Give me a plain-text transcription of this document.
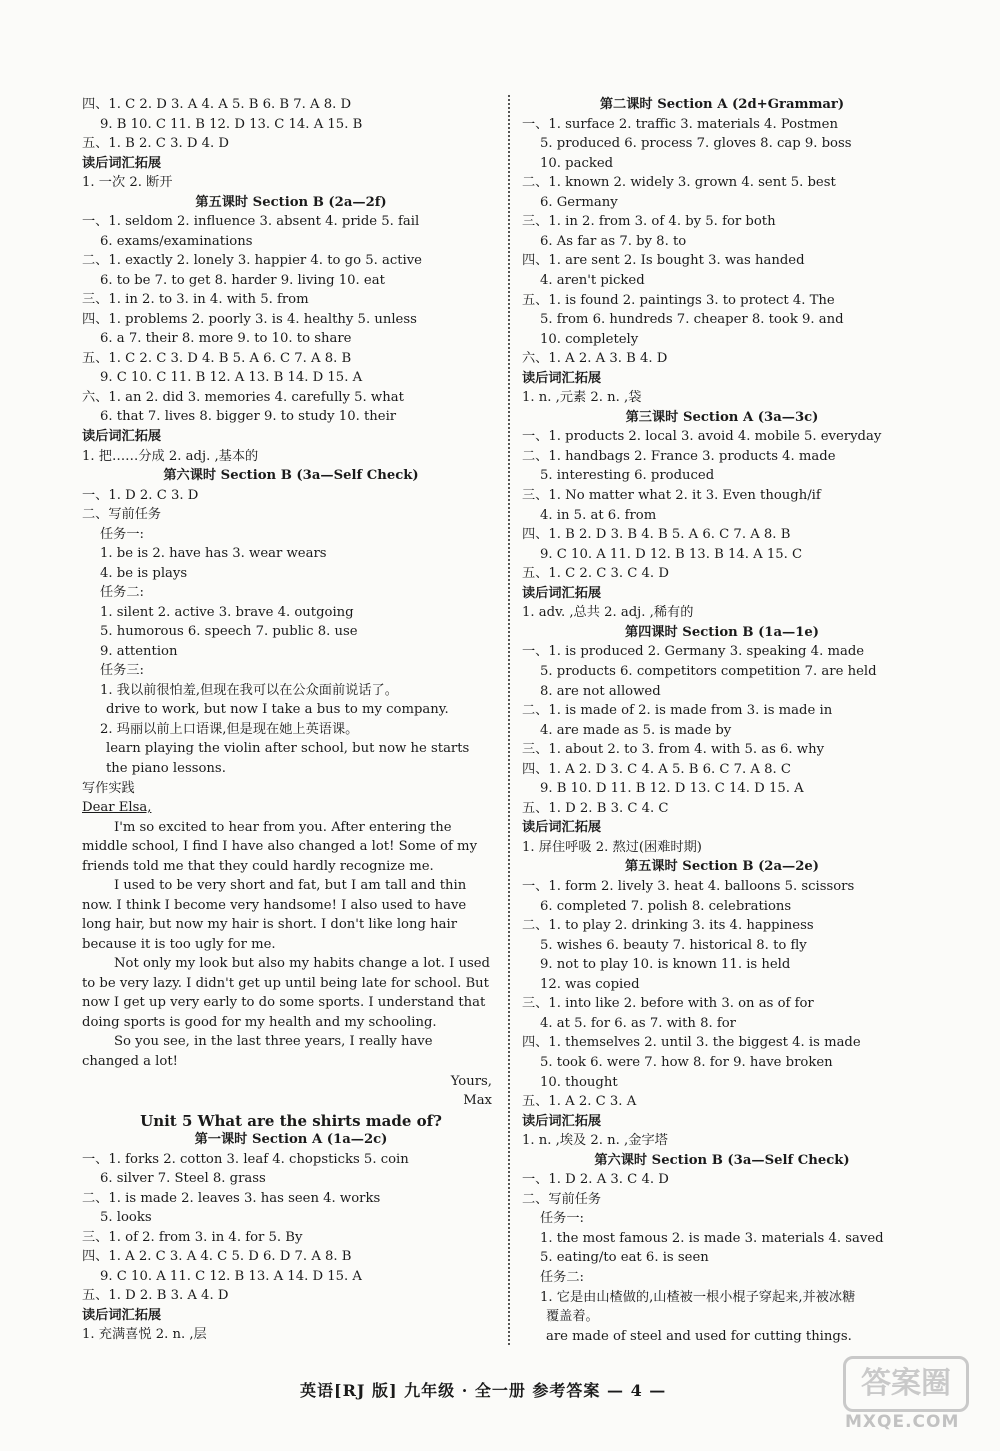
四、1. C 2. D 3. A 4. A 5. B 6. B 7. A 8. D
9. B 10. C 11. B 12. D 13. C 14. A 15. B
五、1. B 2. C 3. D 4. D
读后词汇拓展
1. 一次 2. 断开
第五课时 Section B (2a—2f)
一、1. seldom 2. influence 3. absent 4. pride 5. fail
6. exams/examinations
二、1. exactly 2. lonely 3. happier 4. to go 5. active
6. to be 7. to get 8. harder 9. living 10. eat
三、1. in 2. to 3. in 4. with 5. from
四、1. problems 2. poorly 3. is 4. healthy 5. unless
6. a 7. their 8. more 9. to 10. to share
五、1. C 2. C 3. D 4. B 5. A 6. C 7. A 8. B
9. C 10. C 11. B 12. A 13. B 14. D 15. A
六、1. an 2. did 3. memories 4. carefully 5. what
6. that 7. lives 8. bigger 9. to study 10. their
读后词汇拓展
1. 把……分成 2. adj. ,基本的
第六课时 Section B (3a—Self Check)
一、1. D 2. C 3. D
二、写前任务
任务一:
1. be is 2. have has 3. wear wears
4. be is plays
任务二:
1. silent 2. active 3. brave 4. outgoing
5. humorous 6. speech 7. public 8. use
9. attention
任务三:
1. 我以前很怕羞,但现在我可以在公众面前说话了。
drive to work, but now I take a bus to my company.
2. 玛丽以前上口语课,但是现在她上英语课。
learn playing the violin after school, but now he starts
the piano lessons.
写作实践
Dear Elsa,
I'm so excited to hear from you. After entering the
middle school, I find I have also changed a lot! Some of my
friends told me that they could hardly recognize me.
I used to be very short and fat, but I am tall and thin
now. I think I become very handsome! I also used to have
long hair, but now my hair is short. I don't like long hair
because it is too ugly for me.
Not only my look but also my habits change a lot. I used
to be very lazy. I didn't get up until being late for school. But
now I get up very early to do some sports. I understand that
doing sports is good for my health and my schooling.
So you see, in the last three years, I really have
changed a lot!
Yours,
Max
Unit 5 What are the shirts made of?
第一课时 Section A (1a—2c)
一、1. forks 2. cotton 3. leaf 4. chopsticks 5. coin
6. silver 7. Steel 8. grass
二、1. is made 2. leaves 3. has seen 4. works
5. looks
三、1. of 2. from 3. in 4. for 5. By
四、1. A 2. C 3. A 4. C 5. D 6. D 7. A 8. B
9. C 10. A 11. C 12. B 13. A 14. D 15. A
五、1. D 2. B 3. A 4. D
读后词汇拓展
1. 充满喜悦 2. n. ,层
第二课时 Section A (2d+Grammar)
一、1. surface 2. traffic 3. materials 4. Postmen
5. produced 6. process 7. gloves 8. cap 9. boss
10. packed
二、1. known 2. widely 3. grown 4. sent 5. best
6. Germany
三、1. in 2. from 3. of 4. by 5. for both
6. As far as 7. by 8. to
四、1. are sent 2. Is bought 3. was handed
4. aren't picked
五、1. is found 2. paintings 3. to protect 4. The
5. from 6. hundreds 7. cheaper 8. took 9. and
10. completely
六、1. A 2. A 3. B 4. D
读后词汇拓展
1. n. ,元素 2. n. ,袋
第三课时 Section A (3a—3c)
一、1. products 2. local 3. avoid 4. mobile 5. everyday
二、1. handbags 2. France 3. products 4. made
5. interesting 6. produced
三、1. No matter what 2. it 3. Even though/if
4. in 5. at 6. from
四、1. B 2. D 3. B 4. B 5. A 6. C 7. A 8. B
9. C 10. A 11. D 12. B 13. B 14. A 15. C
五、1. C 2. C 3. C 4. D
读后词汇拓展
1. adv. ,总共 2. adj. ,稀有的
第四课时 Section B (1a—1e)
一、1. is produced 2. Germany 3. speaking 4. made
5. products 6. competitors competition 7. are held
8. are not allowed
二、1. is made of 2. is made from 3. is made in
4. are made as 5. is made by
三、1. about 2. to 3. from 4. with 5. as 6. why
四、1. A 2. D 3. C 4. A 5. B 6. C 7. A 8. C
9. B 10. D 11. B 12. D 13. C 14. D 15. A
五、1. D 2. B 3. C 4. C
读后词汇拓展
1. 屏住呼吸 2. 熬过(困难时期)
第五课时 Section B (2a—2e)
一、1. form 2. lively 3. heat 4. balloons 5. scissors
6. completed 7. polish 8. celebrations
二、1. to play 2. drinking 3. its 4. happiness
5. wishes 6. beauty 7. historical 8. to fly
9. not to play 10. is known 11. is held
12. was copied
三、1. into like 2. before with 3. on as of for
4. at 5. for 6. as 7. with 8. for
四、1. themselves 2. until 3. the biggest 4. is made
5. took 6. were 7. how 8. for 9. have broken
10. thought
五、1. A 2. C 3. A
读后词汇拓展
1. n. ,埃及 2. n. ,金字塔
第六课时 Section B (3a—Self Check)
一、1. D 2. A 3. C 4. D
二、写前任务
任务一:
1. the most famous 2. is made 3. materials 4. saved
5. eating/to eat 6. is seen
任务二:
1. 它是由山楂做的,山楂被一根小棍子穿起来,并被冰糖
覆盖着。
are made of steel and used for cutting things.
英语[RJ 版] 九年级 · 全一册 参考答案 — 4 —	答案圈
MXQE.COM
